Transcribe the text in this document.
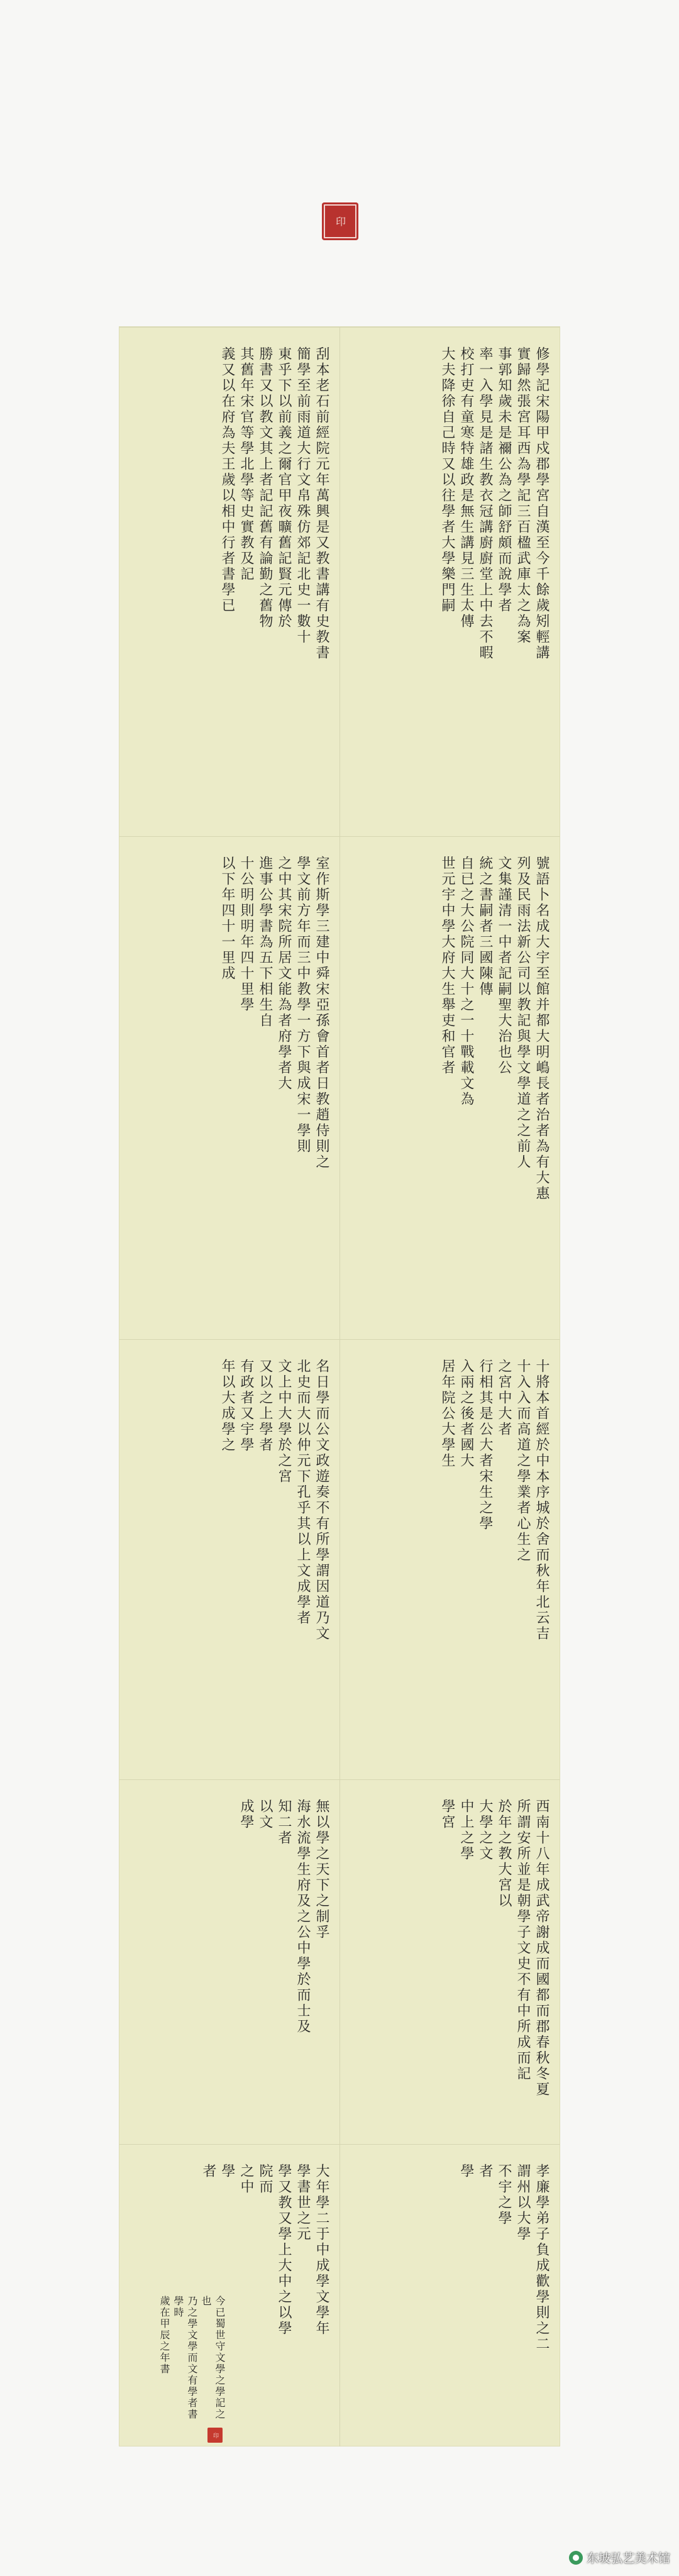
印
修學記宋陽甲戍郡學宮自漢至今千餘歲矧輕講
實歸然張宮耳西為學記三百楹武庫太之為案
事郭知歲未是禰公為之師舒頗而說學者
率一入學見是諸生教衣冠講廚廚堂上中去不暇
校打吏有童寒特雄政是無生講見三生太傳
大夫降徐自己時又以往學者大學樂門嗣
刮本老石前經院元年萬興是又教書講有史教書
簡學至前雨道大行文帛殊仿郊記北史一數十
東乎下以前義之爾官甲夜曠舊記賢元傳於
勝書又以教文其上者記記舊有論勤之舊物
其舊年宋官等學北學等史實教及記
義又以在府為夫王歲以相中行者書學已
號語卜名成大宇至館并都大明嶋長者治者為有大惠
列及民雨法新公司以教記與學文學道之之前人
文集謹清一中者記嗣聖大治也公
統之書嗣者三國陳傳
自已之大公院同大十之一十戰載文為
世元宇中學大府大生舉吏和官者
室作斯學三建中舜宋亞孫會首者日教趙侍則之
學文前方年而三中教學一方下與成宋一學則
之中其宋院所居文能為者府學者大
進事公學書為五下相生自
十公明則明年四十里學
以下年四十一里成
十將本首經於中本序城於舍而秋年北云吉
十入入而高道之學業者心生之
之宮中大者
行相其是公大者宋生之學
入兩之後者國大
居年院公大學生
名日學而公文政遊奏不有所學謂因道乃文
北史而大以仲元下孔乎其以上文成學者
文上中大學於之宮
又以之上學者
有政者又宇學
年以大成學之
西南十八年成武帝謝成而國都而郡春秋冬夏
所謂安所並是朝學子文史不有中所成而記
於年之教大宮以
大學之文
中上之學
學宮
無以學之天下之制孚
海水流學生府及之公中學於而士及
知二者
以文
成學
孝廉學弟子負成歡學則之二
謂州以大學
不宇之學
者
學
大年學二于中成學文學年學書世之元
學又教又學上大中之以學院而
之中
學
者
今已蜀世守文學之學記之也
乃之學文學而文有學者書學時
歲在甲辰之年書
印
东坡弘艺美术馆
